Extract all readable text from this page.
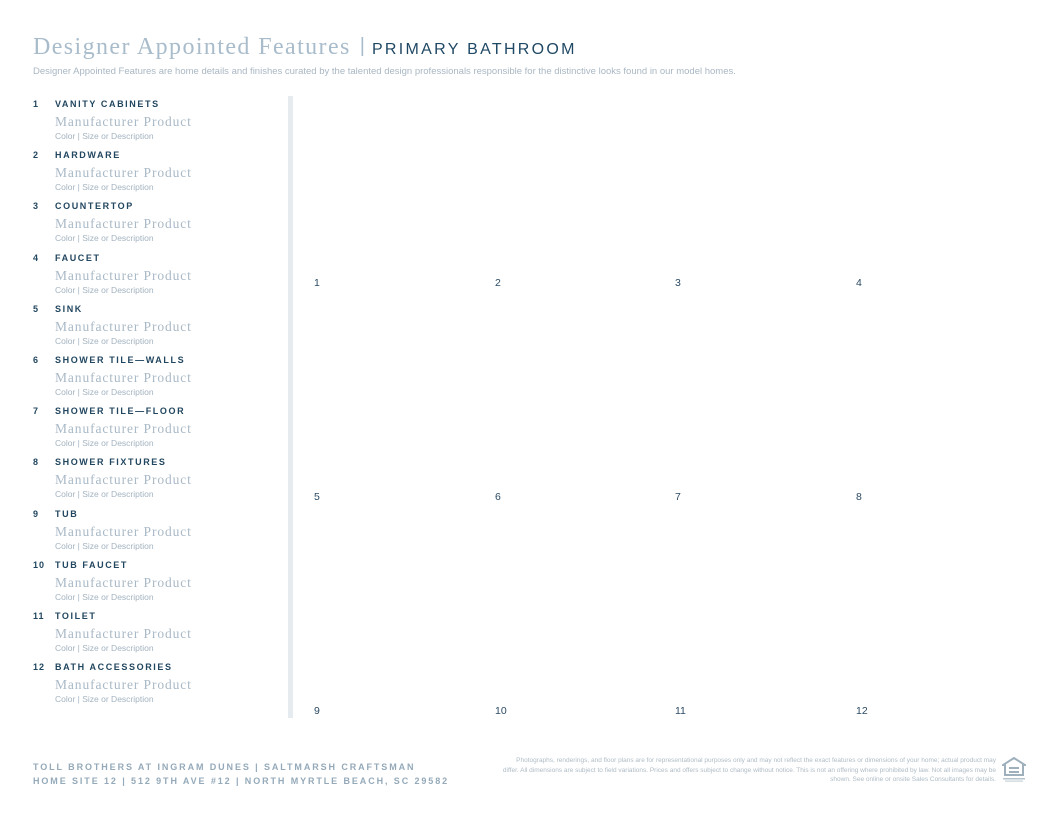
Designer Appointed Features | PRIMARY BATHROOM
Designer Appointed Features are home details and finishes curated by the talented design professionals responsible for the distinctive looks found in our model homes.
1 VANITY CABINETS
Manufacturer Product
Color | Size or Description
2 HARDWARE
Manufacturer Product
Color | Size or Description
3 COUNTERTOP
Manufacturer Product
Color | Size or Description
4 FAUCET
Manufacturer Product
Color | Size or Description
5 SINK
Manufacturer Product
Color | Size or Description
6 SHOWER TILE—WALLS
Manufacturer Product
Color | Size or Description
7 SHOWER TILE—FLOOR
Manufacturer Product
Color | Size or Description
8 SHOWER FIXTURES
Manufacturer Product
Color | Size or Description
9 TUB
Manufacturer Product
Color | Size or Description
10 TUB FAUCET
Manufacturer Product
Color | Size or Description
11 TOILET
Manufacturer Product
Color | Size or Description
12 BATH ACCESSORIES
Manufacturer Product
Color | Size or Description
1	2	3	4
5	6	7	8
9	10	11	12
TOLL BROTHERS AT INGRAM DUNES | SALTMARSH CRAFTSMAN
HOME SITE 12 | 512 9TH AVE #12 | NORTH MYRTLE BEACH, SC 29582
Photographs, renderings, and floor plans are for representational purposes only and may not reflect the exact features or dimensions of your home; actual product may differ. All dimensions are subject to field variations. Prices and offers subject to change without notice. This is not an offering where prohibited by law. Not all images may be shown. See online or onsite Sales Consultants for details.
